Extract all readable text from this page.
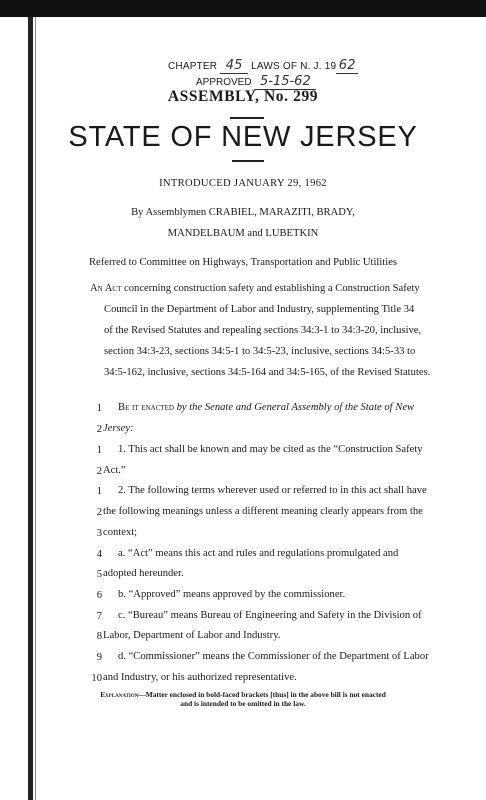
CHAPTER 45 LAWS OF N. J. 19 62
APPROVED 5-15-62
ASSEMBLY, No. 299
STATE OF NEW JERSEY
INTRODUCED JANUARY 29, 1962
By Assemblymen CRABIEL, MARAZITI, BRADY,
MANDELBAUM and LUBETKIN
Referred to Committee on Highways, Transportation and Public Utilities
An Act concerning construction safety and establishing a Construction Safety
Council in the Department of Labor and Industry, supplementing Title 34
of the Revised Statutes and repealing sections 34:3-1 to 34:3-20, inclusive,
section 34:3-23, sections 34:5-1 to 34:5-23, inclusive, sections 34:5-33 to
34:5-162, inclusive, sections 34:5-164 and 34:5-165, of the Revised Statutes.
1 Be it enacted by the Senate and General Assembly of the State of New
2 Jersey:
1 1. This act shall be known and may be cited as the “Construction Safety
2 Act.”
1 2. The following terms wherever used or referred to in this act shall have
2 the following meanings unless a different meaning clearly appears from the
3 context;
4 a. “Act” means this act and rules and regulations promulgated and
5 adopted hereunder.
6 b. “Approved” means approved by the commissioner.
7 c. “Bureau” means Bureau of Engineering and Safety in the Division of
8 Labor, Department of Labor and Industry.
9 d. “Commissioner” means the Commissioner of the Department of Labor
10 and Industry, or his authorized representative.
Explanation—Matter enclosed in bold-faced brackets [thus] in the above bill is not enacted
and is intended to be omitted in the law.
